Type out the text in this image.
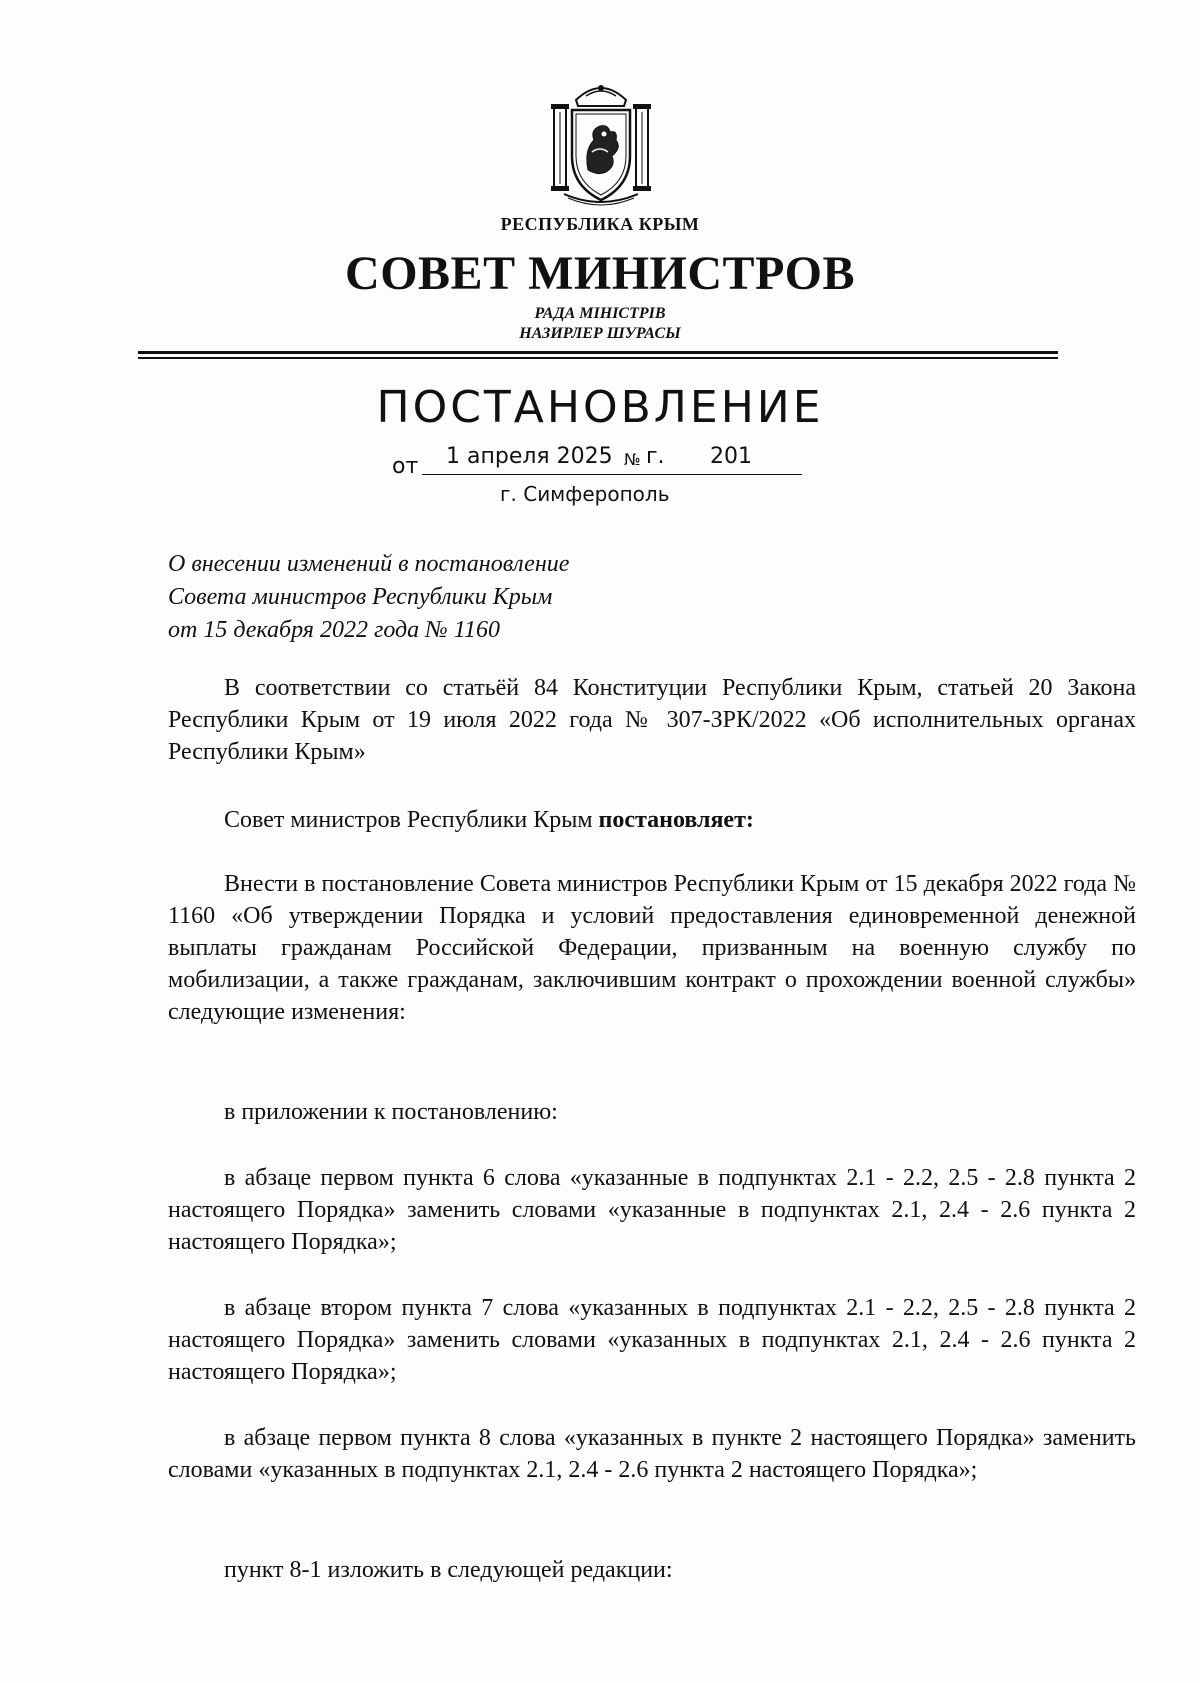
РЕСПУБЛИКА КРЫМ
СОВЕТ МИНИСТРОВ
РАДА МІНІСТРІВ
НАЗИРЛЕР ШУРАСЫ
ПОСТАНОВЛЕНИЕ
от 1 апреля 2025 № г. 201
г. Симферополь
О внесении изменений в постановление
Совета министров Республики Крым
от 15 декабря 2022 года № 1160
В соответствии со статьёй 84 Конституции Республики Крым, статьей 20 Закона Республики Крым от 19 июля 2022 года № 307-ЗРК/2022 «Об исполнительных органах Республики Крым»
Совет министров Республики Крым постановляет:
Внести в постановление Совета министров Республики Крым от 15 декабря 2022 года № 1160 «Об утверждении Порядка и условий предоставления единовременной денежной выплаты гражданам Российской Федерации, призванным на военную службу по мобилизации, а также гражданам, заключившим контракт о прохождении военной службы» следующие изменения:
в приложении к постановлению:
в абзаце первом пункта 6 слова «указанные в подпунктах 2.1 - 2.2, 2.5 - 2.8 пункта 2 настоящего Порядка» заменить словами «указанные в подпунктах 2.1, 2.4 - 2.6 пункта 2 настоящего Порядка»;
в абзаце втором пункта 7 слова «указанных в подпунктах 2.1 - 2.2, 2.5 - 2.8 пункта 2 настоящего Порядка» заменить словами «указанных в подпунктах 2.1, 2.4 - 2.6 пункта 2 настоящего Порядка»;
в абзаце первом пункта 8 слова «указанных в пункте 2 настоящего Порядка» заменить словами «указанных в подпунктах 2.1, 2.4 - 2.6 пункта 2 настоящего Порядка»;
пункт 8-1 изложить в следующей редакции:
